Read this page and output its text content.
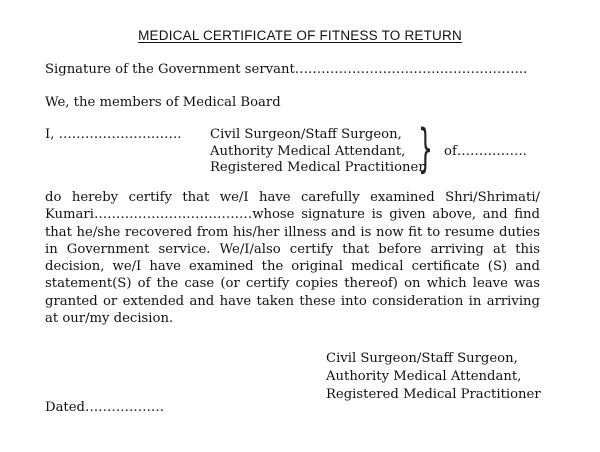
MEDICAL CERTIFICATE OF FITNESS TO RETURN
Signature of the Government servant……………………………………………..
We, the members of Medical Board
I, ………………………. Civil Surgeon/Staff Surgeon,
Authority Medical Attendant,
Registered Medical Practitioner
} of…………….
do hereby certify that we/I have carefully examined Shri/Shrimati/ Kumari………………………………whose signature is given above, and find that he/she recovered from his/her illness and is now fit to resume duties in Government service. We/I/also certify that before arriving at this decision, we/I have examined the original medical certificate (S) and statement(S) of the case (or certify copies thereof) on which leave was granted or extended and have taken these into consideration in arriving at our/my decision.
Civil Surgeon/Staff Surgeon,
Authority Medical Attendant,
Registered Medical Practitioner
Dated………………
